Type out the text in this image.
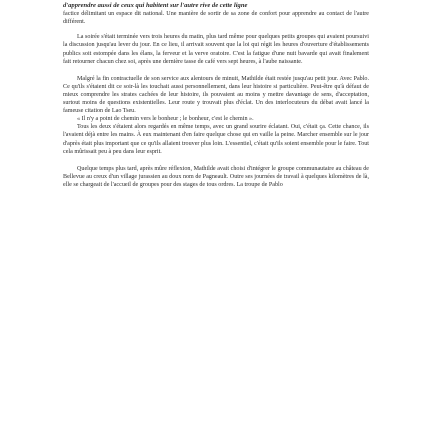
d'apprendre aussi de ceux qui habitent sur l'autre rive de cette ligne

factice délimitant un espace dit national. Une manière de sortir de sa zone de confort pour apprendre au contact de l'autre différent.

La soirée s'était terminée vers trois heures du matin, plus tard même pour quelques petits groupes qui avaient poursuivi la discussion jusqu'au lever du jour. En ce lieu, il arrivait souvent que la loi qui régit les heures d'ouverture d'établissements publics soit estompée dans les élans, la ferveur et la verve oratoire. C'est la fatigue d'une nuit bavarde qui avait finalement fait retourner chacun chez soi, après une dernière tasse de café vers sept heures, à l'aube naissante.

Malgré la fin contractuelle de son service aux alentours de minuit, Mathilde était restée jusqu'au petit jour. Avec Pablo. Ce qu'ils s'étaient dit ce soir-là les touchait aussi personnellement, dans leur histoire si particulière. Peut-être qu'à défaut de mieux comprendre les strates cachées de leur histoire, ils pouvaient au moins y mettre davantage de sens, d'acceptation, surtout moins de questions existentielles. Leur route y trouvait plus d'éclat. Un des interlocuteurs du débat avait lancé la fameuse citation de Lao Tseu.

« Il n'y a point de chemin vers le bonheur ; le bonheur, c'est le chemin ».

Tous les deux s'étaient alors regardés en même temps, avec un grand sourire éclatant. Oui, c'était ça. Cette chance, ils l'avaient déjà entre les mains. À eux maintenant d'en faire quelque chose qui en vaille la peine. Marcher ensemble sur le jour d'après était plus important que ce qu'ils allaient trouver plus loin. L'essentiel, c'était qu'ils soient ensemble pour le faire. Tout cela mûrissait peu à peu dans leur esprit.

Quelque temps plus tard, après mûre réflexion, Mathilde avait choisi d'intégrer le groupe communautaire au château de Bellevue au creux d'un village jurassien au doux nom de Pagneault. Outre ses journées de travail à quelques kilomètres de là, elle se chargeait de l'accueil de groupes pour des stages de tous ordres. La troupe de Pablo
